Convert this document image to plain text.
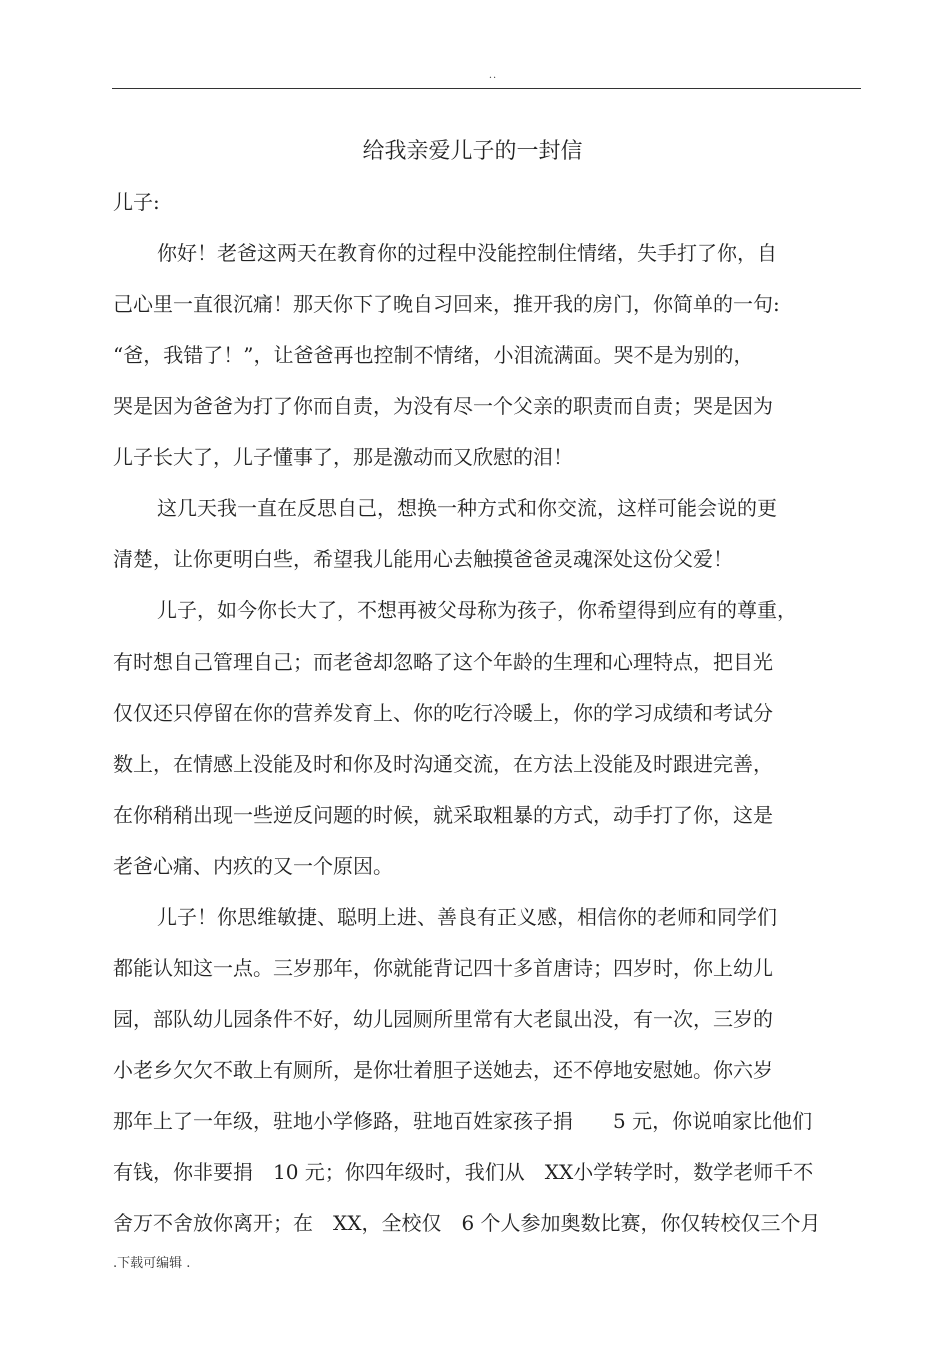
..
给我亲爱儿子的一封信
儿子:
你好！老爸这两天在教育你的过程中没能控制住情绪，失手打了你，自
己心里一直很沉痛！那天你下了晚自习回来，推开我的房门，你简单的一句:
“爸，我错了！”，让爸爸再也控制不情绪，小泪流满面。哭不是为别的，
哭是因为爸爸为打了你而自责，为没有尽一个父亲的职责而自责；哭是因为
儿子长大了，儿子懂事了，那是激动而又欣慰的泪！
这几天我一直在反思自己，想换一种方式和你交流，这样可能会说的更
清楚，让你更明白些，希望我儿能用心去触摸爸爸灵魂深处这份父爱！
儿子，如今你长大了，不想再被父母称为孩子，你希望得到应有的尊重，
有时想自己管理自己；而老爸却忽略了这个年龄的生理和心理特点，把目光
仅仅还只停留在你的营养发育上、你的吃行冷暖上，你的学习成绩和考试分
数上，在情感上没能及时和你及时沟通交流，在方法上没能及时跟进完善，
在你稍稍出现一些逆反问题的时候，就采取粗暴的方式，动手打了你，这是
老爸心痛、内疚的又一个原因。
儿子！你思维敏捷、聪明上进、善良有正义感，相信你的老师和同学们
都能认知这一点。三岁那年，你就能背记四十多首唐诗；四岁时，你上幼儿
园，部队幼儿园条件不好，幼儿园厕所里常有大老鼠出没，有一次，三岁的
小老乡欠欠不敢上有厕所，是你壮着胆子送她去，还不停地安慰她。你六岁
那年上了一年级，驻地小学修路，驻地百姓家孩子捐　　5 元，你说咱家比他们
有钱，你非要捐　10 元；你四年级时，我们从　XX小学转学时，数学老师千不
舍万不舍放你离开；在　XX，全校仅　6 个人参加奥数比赛，你仅转校仅三个月
.下载可编辑 .
